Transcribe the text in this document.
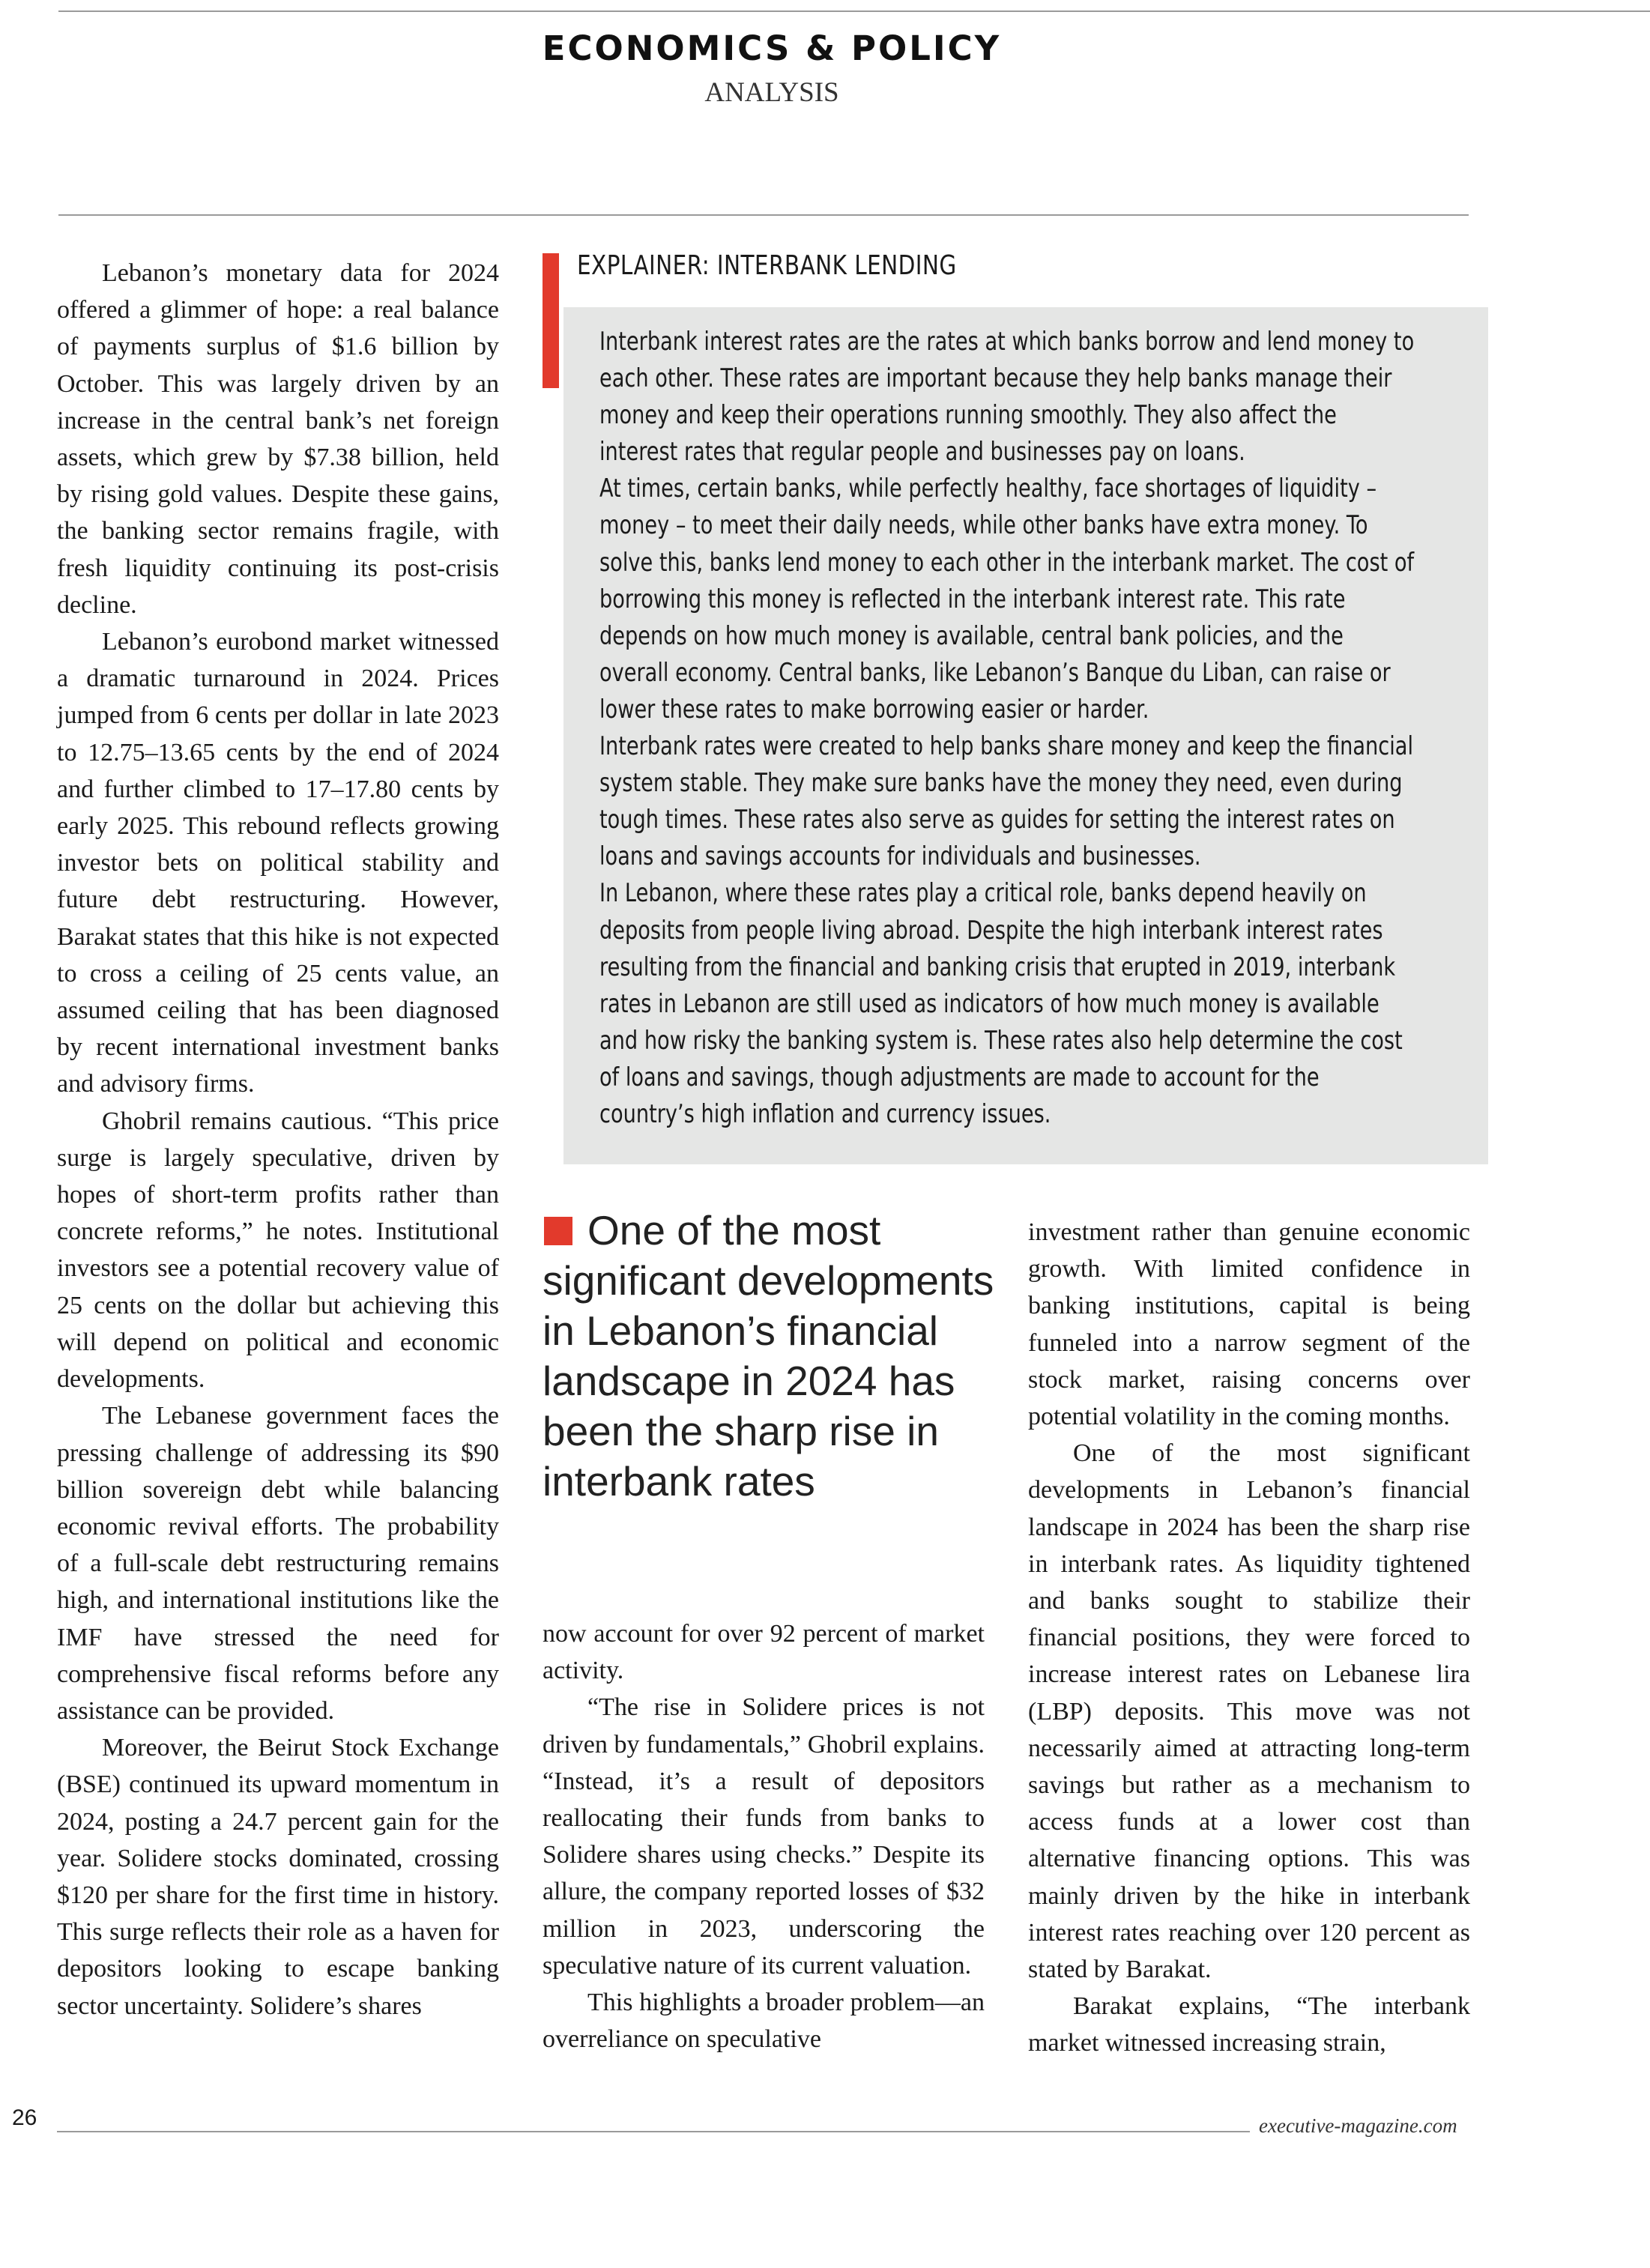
ECONOMICS & POLICY
ANALYSIS

Lebanon’s monetary data for 2024 offered a glimmer of hope: a real balance of payments surplus of $1.6 billion by October. This was largely driven by an increase in the central bank’s net foreign assets, which grew by $7.38 billion, held by rising gold values. Despite these gains, the banking sector remains fragile, with fresh liquidity continuing its post-crisis decline.

Lebanon’s eurobond market witnessed a dramatic turnaround in 2024. Prices jumped from 6 cents per dollar in late 2023 to 12.75–13.65 cents by the end of 2024 and further climbed to 17–17.80 cents by early 2025. This rebound reflects growing investor bets on political stability and future debt restructuring. However, Barakat states that this hike is not expected to cross a ceiling of 25 cents value, an assumed ceiling that has been diagnosed by recent international investment banks and advisory firms.

Ghobril remains cautious. “This price surge is largely speculative, driven by hopes of short-term profits rather than concrete reforms,” he notes. Institutional investors see a potential recovery value of 25 cents on the dollar but achieving this will depend on political and economic developments.

The Lebanese government faces the pressing challenge of addressing its $90 billion sovereign debt while balancing economic revival efforts. The probability of a full-scale debt restructuring remains high, and international institutions like the IMF have stressed the need for comprehensive fiscal reforms before any assistance can be provided.

Moreover, the Beirut Stock Exchange (BSE) continued its upward momentum in 2024, posting a 24.7 percent gain for the year. Solidere stocks dominated, crossing $120 per share for the first time in history. This surge reflects their role as a haven for depositors looking to escape banking sector uncertainty. Solidere’s shares

EXPLAINER: INTERBANK LENDING

Interbank interest rates are the rates at which banks borrow and lend money to each other. These rates are important because they help banks manage their money and keep their operations running smoothly. They also affect the interest rates that regular people and businesses pay on loans.

At times, certain banks, while perfectly healthy, face shortages of liquidity – money – to meet their daily needs, while other banks have extra money. To solve this, banks lend money to each other in the interbank market. The cost of borrowing this money is reflected in the interbank interest rate. This rate depends on how much money is available, central bank policies, and the overall economy. Central banks, like Lebanon’s Banque du Liban, can raise or lower these rates to make borrowing easier or harder.

Interbank rates were created to help banks share money and keep the financial system stable. They make sure banks have the money they need, even during tough times. These rates also serve as guides for setting the interest rates on loans and savings accounts for individuals and businesses.

In Lebanon, where these rates play a critical role, banks depend heavily on deposits from people living abroad. Despite the high interbank interest rates resulting from the financial and banking crisis that erupted in 2019, interbank rates in Lebanon are still used as indicators of how much money is available and how risky the banking system is. These rates also help determine the cost of loans and savings, though adjustments are made to account for the country’s high inflation and currency issues.

One of the most significant developments in Lebanon’s financial landscape in 2024 has been the sharp rise in interbank rates

now account for over 92 percent of market activity.

“The rise in Solidere prices is not driven by fundamentals,” Ghobril explains. “Instead, it’s a result of depositors reallocating their funds from banks to Solidere shares using checks.” Despite its allure, the company reported losses of $32 million in 2023, underscoring the speculative nature of its current valuation.

This highlights a broader problem—an overreliance on speculative

investment rather than genuine economic growth. With limited confidence in banking institutions, capital is being funneled into a narrow segment of the stock market, raising concerns over potential volatility in the coming months.

One of the most significant developments in Lebanon’s financial landscape in 2024 has been the sharp rise in interbank rates. As liquidity tightened and banks sought to stabilize their financial positions, they were forced to increase interest rates on Lebanese lira (LBP) deposits. This move was not necessarily aimed at attracting long-term savings but rather as a mechanism to access funds at a lower cost than alternative financing options. This was mainly driven by the hike in interbank interest rates reaching over 120 percent as stated by Barakat.

Barakat explains, “The interbank market witnessed increasing strain,

26	executive-magazine.com
